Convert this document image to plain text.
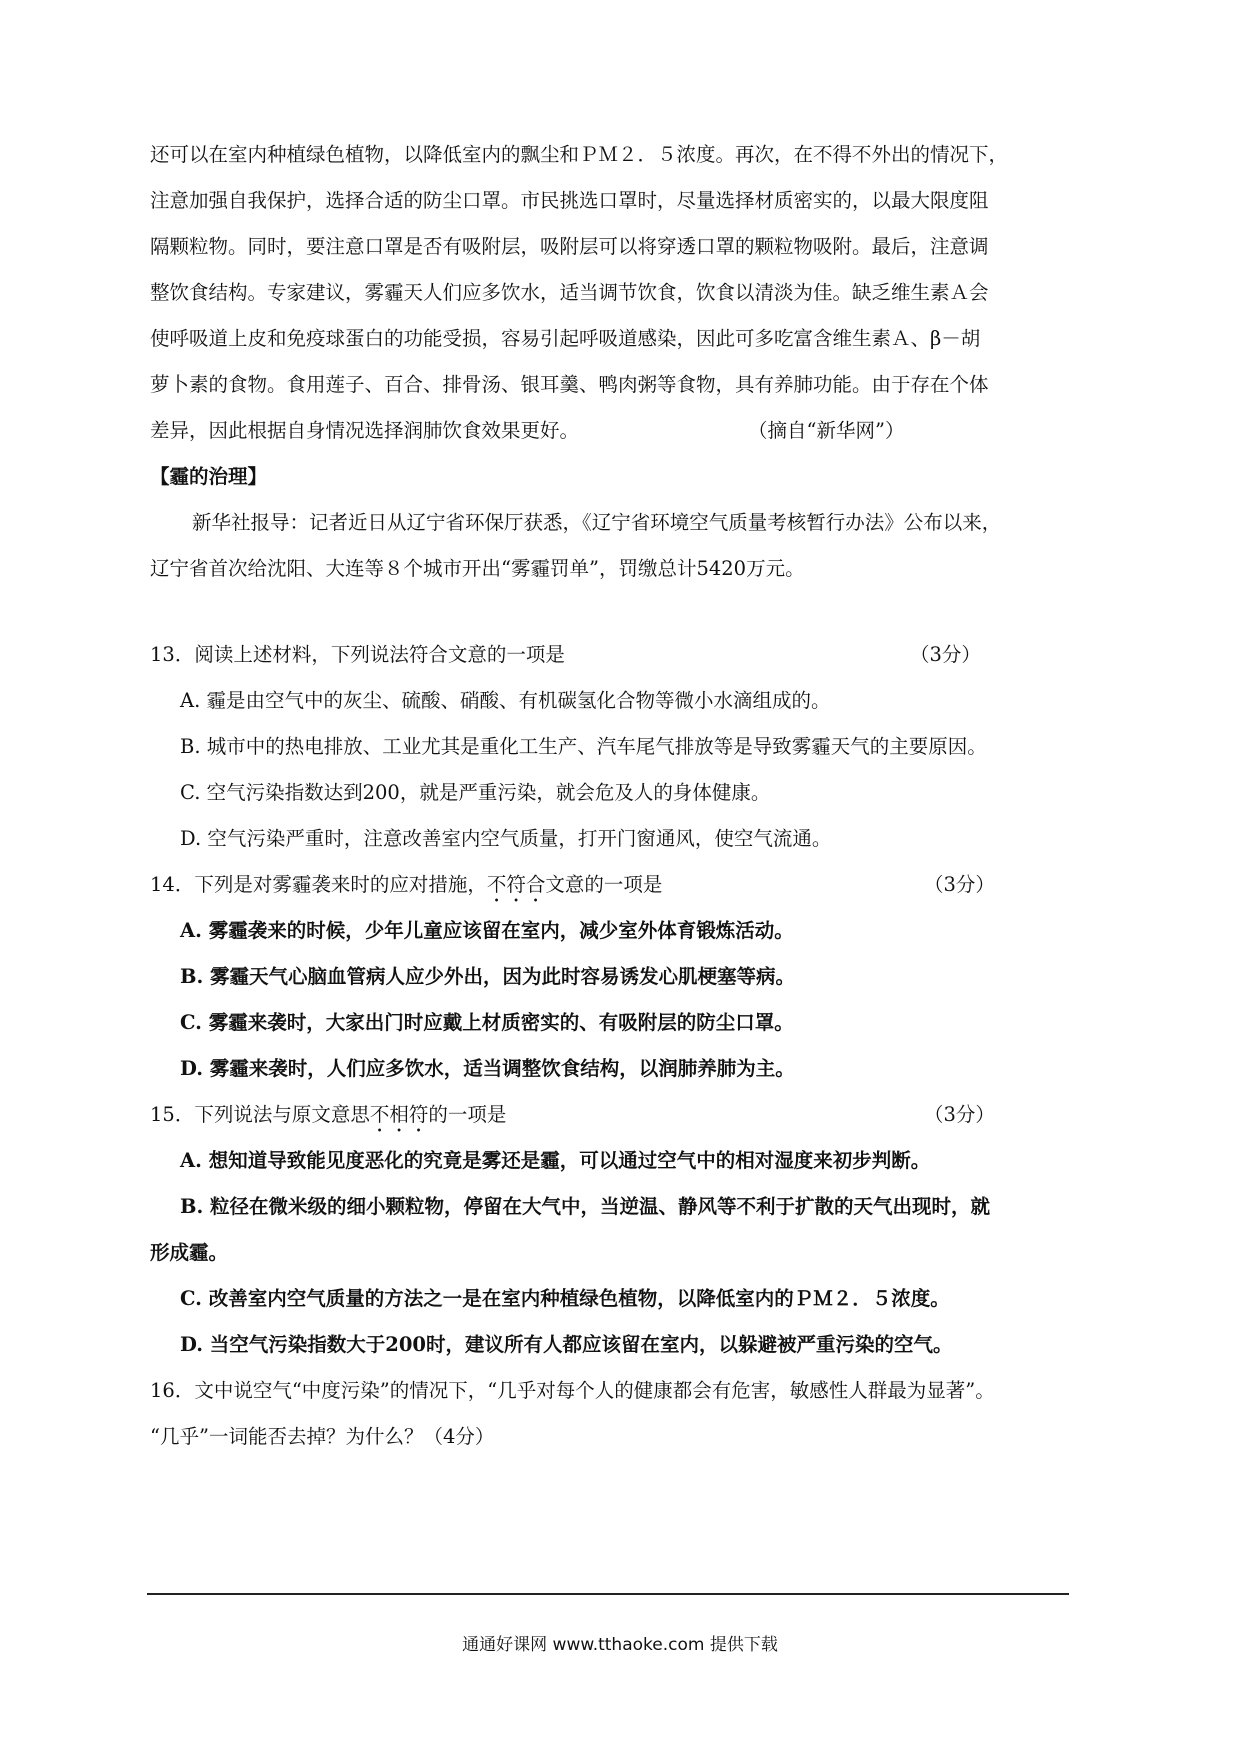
还可以在室内种植绿色植物，以降低室内的飘尘和ＰＭ２．５浓度。再次，在不得不外出的情况下，
注意加强自我保护，选择合适的防尘口罩。市民挑选口罩时，尽量选择材质密实的，以最大限度阻
隔颗粒物。同时，要注意口罩是否有吸附层，吸附层可以将穿透口罩的颗粒物吸附。最后，注意调
整饮食结构。专家建议，雾霾天人们应多饮水，适当调节饮食，饮食以清淡为佳。缺乏维生素Ａ会
使呼吸道上皮和免疫球蛋白的功能受损，容易引起呼吸道感染，因此可多吃富含维生素Ａ、β－胡
萝卜素的食物。食用莲子、百合、排骨汤、银耳羹、鸭肉粥等食物，具有养肺功能。由于存在个体
差异，因此根据自身情况选择润肺饮食效果更好。	（摘自“新华网”）
【霾的治理】
新华社报导：记者近日从辽宁省环保厅获悉，《辽宁省环境空气质量考核暂行办法》公布以来，
辽宁省首次给沈阳、大连等８个城市开出“雾霾罚单”，罚缴总计5420万元。
13．阅读上述材料，下列说法符合文意的一项是	（3分）
A. 霾是由空气中的灰尘、硫酸、硝酸、有机碳氢化合物等微小水滴组成的。
B. 城市中的热电排放、工业尤其是重化工生产、汽车尾气排放等是导致雾霾天气的主要原因。
C. 空气污染指数达到200，就是严重污染，就会危及人的身体健康。
D. 空气污染严重时，注意改善室内空气质量，打开门窗通风，使空气流通。
14．下列是对雾霾袭来时的应对措施，不符合文意的一项是	（3分）
A. 雾霾袭来的时候，少年儿童应该留在室内，减少室外体育锻炼活动。
B. 雾霾天气心脑血管病人应少外出，因为此时容易诱发心肌梗塞等病。
C. 雾霾来袭时，大家出门时应戴上材质密实的、有吸附层的防尘口罩。
D. 雾霾来袭时，人们应多饮水，适当调整饮食结构，以润肺养肺为主。
15．下列说法与原文意思不相符的一项是	（3分）
A. 想知道导致能见度恶化的究竟是雾还是霾，可以通过空气中的相对湿度来初步判断。
B. 粒径在微米级的细小颗粒物，停留在大气中，当逆温、静风等不利于扩散的天气出现时，就
形成霾。
C. 改善室内空气质量的方法之一是在室内种植绿色植物，以降低室内的ＰＭ２．５浓度。
D. 当空气污染指数大于200时，建议所有人都应该留在室内，以躲避被严重污染的空气。
16．文中说空气“中度污染”的情况下，“几乎对每个人的健康都会有危害，敏感性人群最为显著”。
“几乎”一词能否去掉？为什么？（4分）
通通好课网 www.tthaoke.com 提供下载
